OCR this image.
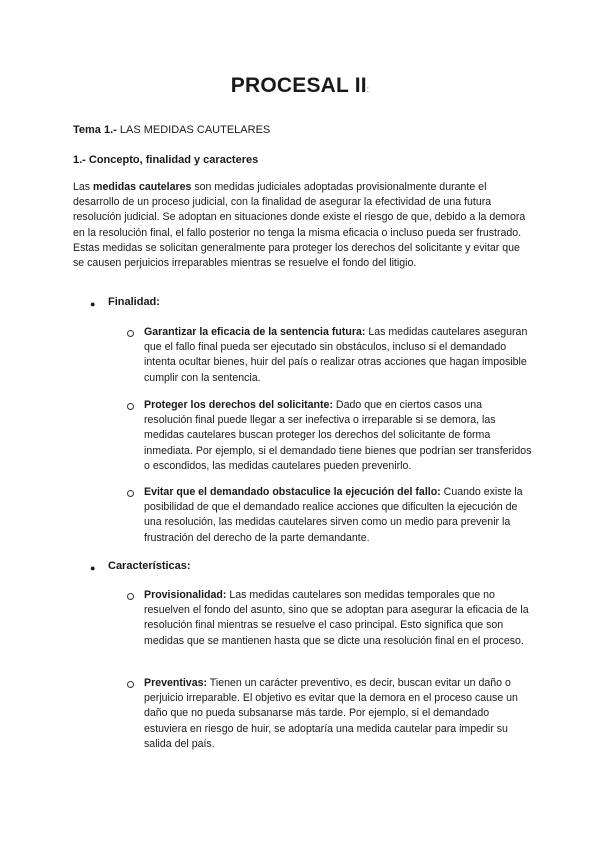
PROCESAL II:
Tema 1.- LAS MEDIDAS CAUTELARES
1.- Concepto, finalidad y caracteres

Las medidas cautelares son medidas judiciales adoptadas provisionalmente durante el desarrollo de un proceso judicial, con la finalidad de asegurar la efectividad de una futura resolución judicial. Se adoptan en situaciones donde existe el riesgo de que, debido a la demora en la resolución final, el fallo posterior no tenga la misma eficacia o incluso pueda ser frustrado. Estas medidas se solicitan generalmente para proteger los derechos del solicitante y evitar que se causen perjuicios irreparables mientras se resuelve el fondo del litigio.

● Finalidad:

Garantizar la eficacia de la sentencia futura: Las medidas cautelares aseguran que el fallo final pueda ser ejecutado sin obstáculos, incluso si el demandado intenta ocultar bienes, huir del país o realizar otras acciones que hagan imposible cumplir con la sentencia.

Proteger los derechos del solicitante: Dado que en ciertos casos una resolución final puede llegar a ser inefectiva o irreparable si se demora, las medidas cautelares buscan proteger los derechos del solicitante de forma inmediata. Por ejemplo, si el demandado tiene bienes que podrían ser transferidos o escondidos, las medidas cautelares pueden prevenirlo.

Evitar que el demandado obstaculice la ejecución del fallo: Cuando existe la posibilidad de que el demandado realice acciones que dificulten la ejecución de una resolución, las medidas cautelares sirven como un medio para prevenir la frustración del derecho de la parte demandante.

● Características:

Provisionalidad: Las medidas cautelares son medidas temporales que no resuelven el fondo del asunto, sino que se adoptan para asegurar la eficacia de la resolución final mientras se resuelve el caso principal. Esto significa que son medidas que se mantienen hasta que se dicte una resolución final en el proceso.

Preventivas: Tienen un carácter preventivo, es decir, buscan evitar un daño o perjuicio irreparable. El objetivo es evitar que la demora en el proceso cause un daño que no pueda subsanarse más tarde. Por ejemplo, si el demandado estuviera en riesgo de huir, se adoptaría una medida cautelar para impedir su salida del país.
